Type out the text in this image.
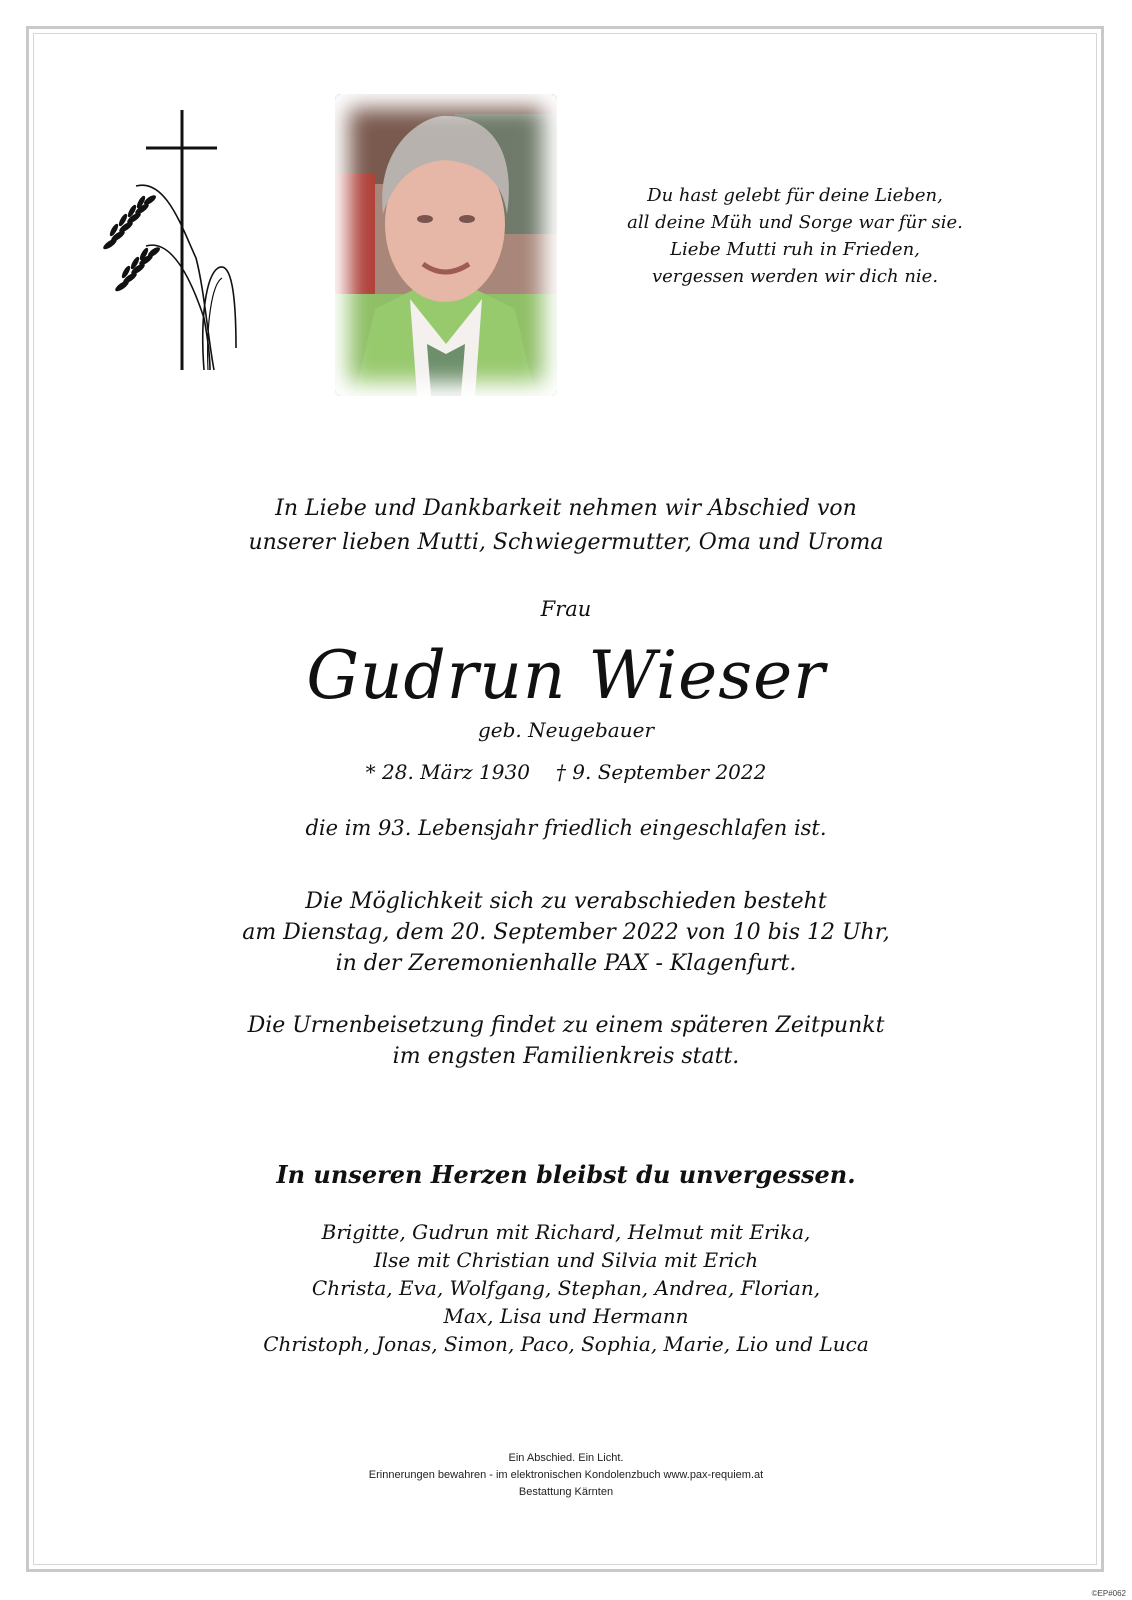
Du hast gelebt für deine Lieben,
all deine Müh und Sorge war für sie.
Liebe Mutti ruh in Frieden,
vergessen werden wir dich nie.
In Liebe und Dankbarkeit nehmen wir Abschied von
unserer lieben Mutti, Schwiegermutter, Oma und Uroma
Frau
Gudrun Wieser
geb. Neugebauer
* 28. März 1930 † 9. September 2022
die im 93. Lebensjahr friedlich eingeschlafen ist.
Die Möglichkeit sich zu verabschieden besteht
am Dienstag, dem 20. September 2022 von 10 bis 12 Uhr,
in der Zeremonienhalle PAX - Klagenfurt.
Die Urnenbeisetzung findet zu einem späteren Zeitpunkt
im engsten Familienkreis statt.
In unseren Herzen bleibst du unvergessen.
Brigitte, Gudrun mit Richard, Helmut mit Erika,
Ilse mit Christian und Silvia mit Erich
Christa, Eva, Wolfgang, Stephan, Andrea, Florian,
Max, Lisa und Hermann
Christoph, Jonas, Simon, Paco, Sophia, Marie, Lio und Luca
Ein Abschied. Ein Licht.
Erinnerungen bewahren - im elektronischen Kondolenzbuch www.pax-requiem.at
Bestattung Kärnten
©EP#062
